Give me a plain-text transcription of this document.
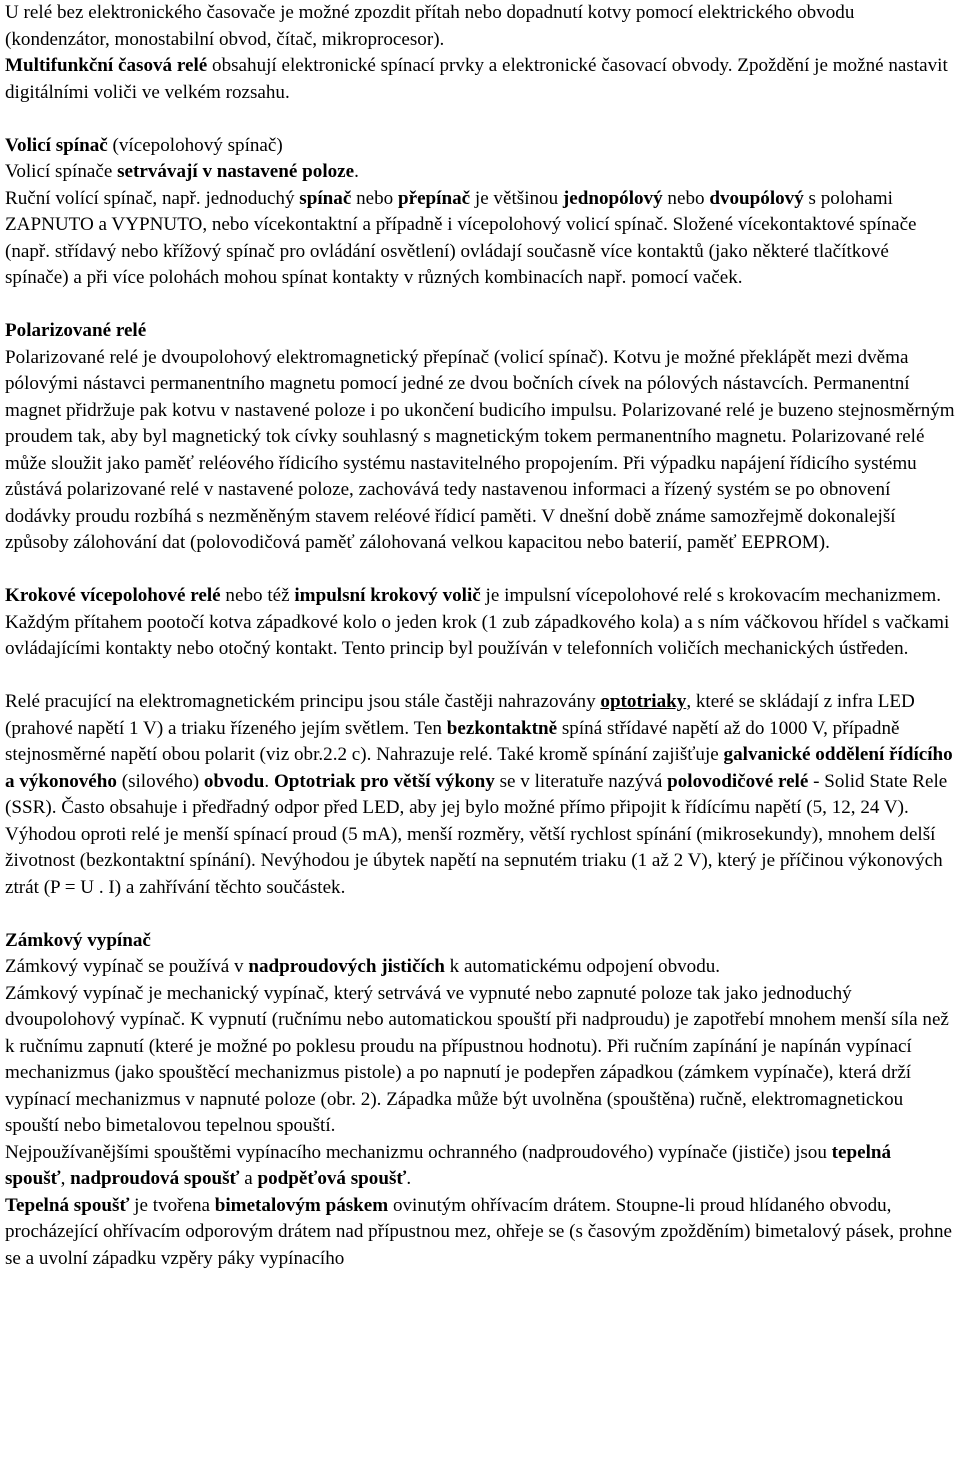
U relé bez elektronického časovače je možné zpozdit přítah nebo dopadnutí kotvy pomocí elektrického obvodu (kondenzátor, monostabilní obvod, čítač, mikroprocesor).
Multifunkční časová relé obsahují elektronické spínací prvky a elektronické časovací obvody. Zpoždění je možné nastavit digitálními voliči ve velkém rozsahu.

Volicí spínač (vícepolohový spínač)
Volicí spínače setrvávají v nastavené poloze.
Ruční volící spínač, např. jednoduchý spínač nebo přepínač je většinou jednopólový nebo dvoupólový s polohami ZAPNUTO a VYPNUTO, nebo vícekontaktní a případně i vícepolohový volicí spínač. Složené vícekontaktové spínače (např. střídavý nebo křížový spínač pro ovládání osvětlení) ovládají současně více kontaktů (jako některé tlačítkové spínače) a při více polohách mohou spínat kontakty v různých kombinacích např. pomocí vaček.

Polarizované relé
Polarizované relé je dvoupolohový elektromagnetický přepínač (volicí spínač). Kotvu je možné překlápět mezi dvěma pólovými nástavci permanentního magnetu pomocí jedné ze dvou bočních cívek na pólových nástavcích. Permanentní magnet přidržuje pak kotvu v nastavené poloze i po ukončení budicího impulsu. Polarizované relé je buzeno stejnosměrným proudem tak, aby byl magnetický tok cívky souhlasný s magnetickým tokem permanentního magnetu. Polarizované relé může sloužit jako paměť reléového řídicího systému nastavitelného propojením. Při výpadku napájení řídicího systému zůstává polarizované relé v nastavené poloze, zachovává tedy nastavenou informaci a řízený systém se po obnovení dodávky proudu rozbíhá s nezměněným stavem reléové řídicí paměti. V dnešní době známe samozřejmě dokonalejší způsoby zálohování dat (polovodičová paměť zálohovaná velkou kapacitou nebo baterií, paměť EEPROM).

Krokové vícepolohové relé nebo též impulsní krokový volič je impulsní vícepolohové relé s krokovacím mechanizmem. Každým přítahem pootočí kotva západkové kolo o jeden krok (1 zub západkového kola) a s ním váčkovou hřídel s vačkami ovládajícími kontakty nebo otočný kontakt. Tento princip byl používán v telefonních voličích mechanických ústředen.

Relé pracující na elektromagnetickém principu jsou stále častěji nahrazovány optotriaky, které se skládají z infra LED (prahové napětí 1 V) a triaku řízeného jejím světlem. Ten bezkontaktně spíná střídavé napětí až do 1000 V, případně stejnosměrné napětí obou polarit (viz obr.2.2 c). Nahrazuje relé. Také kromě spínání zajišťuje galvanické oddělení řídícího a výkonového (silového) obvodu. Optotriak pro větší výkony se v literatuře nazývá polovodičové relé - Solid State Rele (SSR). Často obsahuje i předřadný odpor před LED, aby jej bylo možné přímo připojit k řídícímu napětí (5, 12, 24 V).
Výhodou oproti relé je menší spínací proud (5 mA), menší rozměry, větší rychlost spínání (mikrosekundy), mnohem delší životnost (bezkontaktní spínání). Nevýhodou je úbytek napětí na sepnutém triaku (1 až 2 V), který je příčinou výkonových ztrát (P = U . I) a zahřívání těchto součástek.

Zámkový vypínač
Zámkový vypínač se používá v nadproudových jističích k automatickému odpojení obvodu.
Zámkový vypínač je mechanický vypínač, který setrvává ve vypnuté nebo zapnuté poloze tak jako jednoduchý dvoupolohový vypínač. K vypnutí (ručnímu nebo automatickou spouští při nadproudu) je zapotřebí mnohem menší síla než k ručnímu zapnutí (které je možné po poklesu proudu na přípustnou hodnotu). Při ručním zapínání je napínán vypínací mechanizmus (jako spouštěcí mechanizmus pistole) a po napnutí je podepřen západkou (zámkem vypínače), která drží vypínací mechanizmus v napnuté poloze (obr. 2). Západka může být uvolněna (spouštěna) ručně, elektromagnetickou spouští nebo bimetalovou tepelnou spouští.
Nejpoužívanějšími spouštěmi vypínacího mechanizmu ochranného (nadproudového) vypínače (jističe) jsou tepelná spoušť, nadproudová spoušť a podpěťová spoušť.
Tepelná spoušť je tvořena bimetalovým páskem ovinutým ohřívacím drátem. Stoupne-li proud hlídaného obvodu, procházející ohřívacím odporovým drátem nad přípustnou mez, ohřeje se (s časovým zpožděním) bimetalový pásek, prohne se a uvolní západku vzpěry páky vypínacího
